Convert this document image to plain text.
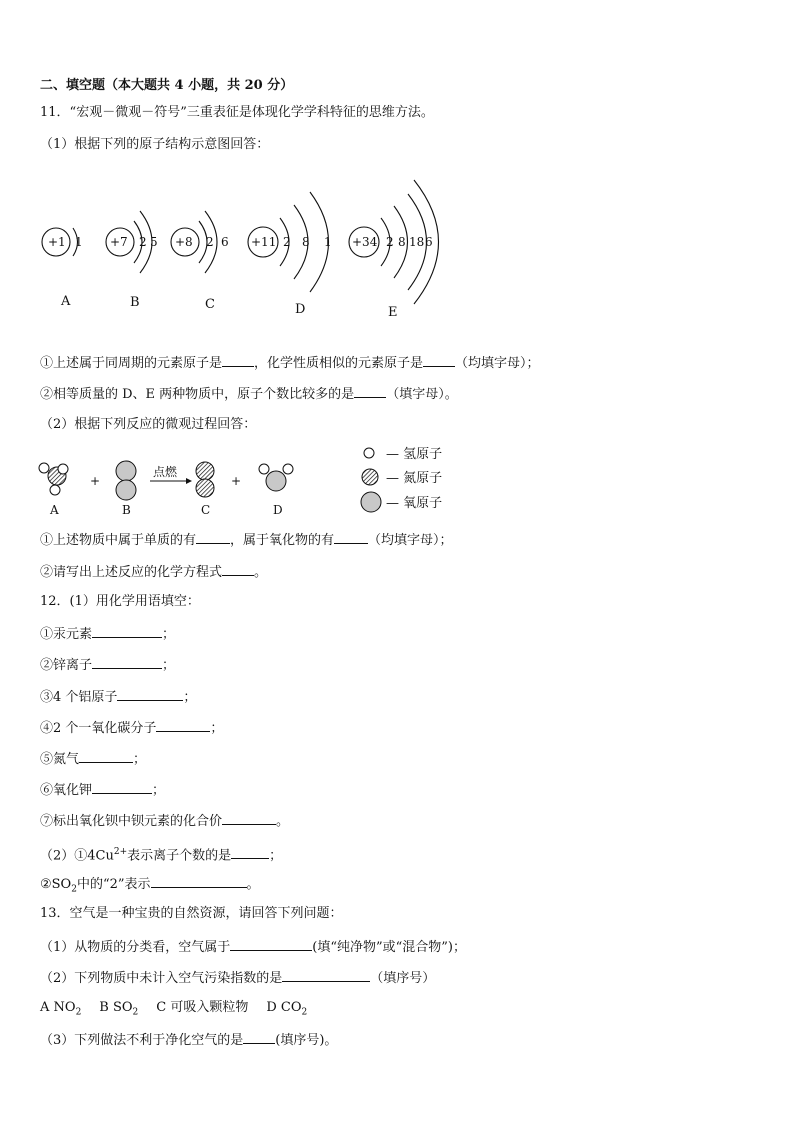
二、填空题（本大题共 4 小题，共 20 分）
11．“宏观－微观－符号”三重表征是体现化学学科特征的思维方法。
（1）根据下列的原子结构示意图回答：
+1 1 +7 2 5 +8 2 6 +11 2 8 1 +34 2 8 18 6
A	B	C	D	E
①上述属于同周期的元素原子是 ，化学性质相似的元素原子是 （均填字母）；
②相等质量的 D、E 两种物质中，原子个数比较多的是 （填字母）。
（2）根据下列反应的微观过程回答：
+	+
点燃
A	B	C	D
— 氢原子
— 氮原子
— 氧原子
①上述物质中属于单质的有	，属于氧化物的有	（均填字母）；
②请写出上述反应的化学方程式 。
12．(1）用化学用语填空：
①汞元素	；
②锌离子	；
③4 个铝原子	；
④2 个一氧化碳分子	；
⑤氮气	；
⑥氧化钾	；
⑦标出氧化钡中钡元素的化合价	。
$(2)①4Cu^{2+}$表示离子个数的是	；
$②SO_2$中的“2”表示	。
13．空气是一种宝贵的自然资源，请回答下列问题：
（1）从物质的分类看，空气属于	(填“纯净物”或“混合物”)；
（2）下列物质中未计入空气污染指数的是	（填序号）
A $NO_2$ B $SO_2$ C 可吸入颗粒物 D $CO_2$
（3）下列做法不利于净化空气的是 (填序号)。
